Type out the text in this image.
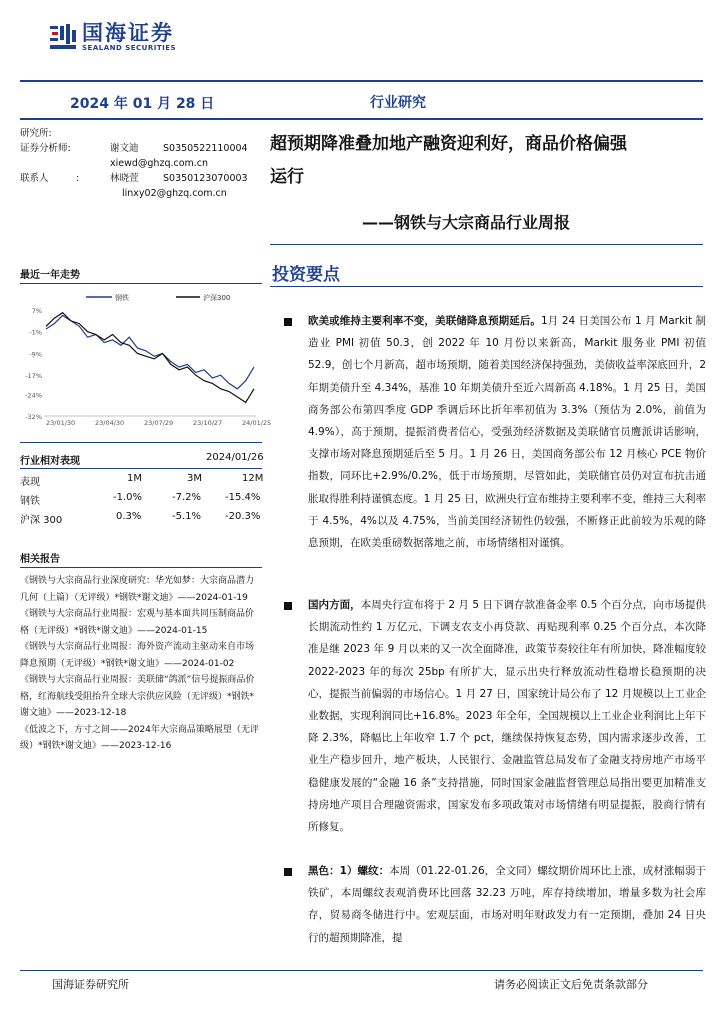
国海证券
SEALAND SECURITIES
2024 年 01 月 28 日	行业研究
研究所:
证券分析师:	谢文迪	S0350522110004
xiewd@ghzq.com.cn
联系人	:	林晓萱	S0350123070003
linxy02@ghzq.com.cn
超预期降准叠加地产融资迎利好，商品价格偏强
运行
——钢铁与大宗商品行业周报
最近一年走势
钢铁	沪深300
7%
-1%
-9%
-17%
-24%
-32%
23/01/30	23/04/30	23/07/29	23/10/27	24/01/25
行业相对表现	2024/01/26
表现	1M	3M	12M
钢铁	-1.0%	-7.2% -15.4%
沪深 300	0.3%	-5.1% -20.3%
相关报告

《钢铁与大宗商品行业深度研究：华光如梦：大宗商品潜力几何（上篇）（无评级）*钢铁*谢文迪》——2024-01-19

《钢铁与大宗商品行业周报：宏观与基本面共同压制商品价格（无评级）*钢铁*谢文迪》——2024-01-15

《钢铁与大宗商品行业周报：海外资产流动主驱动来自市场降息预期（无评级）*钢铁*谢文迪》——2024-01-02

《钢铁与大宗商品行业周报：美联储“鸽派”信号提振商品价格，红海航线受阻抬升全球大宗供应风险（无评级）*钢铁*谢文迪》——2023-12-18

《低波之下，方寸之间——2024年大宗商品策略展望（无评级）*钢铁*谢文迪》——2023-12-16

投资要点
欧美或维持主要利率不变，美联储降息预期延后。1月 24 日美国公布 1 月 Markit 制造业 PMI 初值 50.3，创 2022 年 10 月份以来新高，Markit 服务业 PMI 初值 52.9，创七个月新高，超市场预期，随着美国经济保持强劲，美债收益率深底回升，2 年期美债升至 4.34%，基准 10 年期美债升至近六周新高 4.18%。1 月 25 日，美国商务部公布第四季度 GDP 季调后环比折年率初值为 3.3%（预估为 2.0%，前值为 4.9%），高于预期，提振消费者信心，受强劲经济数据及美联储官员鹰派讲话影响，支撑市场对降息预期延后至 5 月。1 月 26 日，美国商务部公布 12 月核心 PCE 物价指数，同环比+2.9%/0.2%，低于市场预期，尽管如此，美联储官员仍对宣布抗击通胀取得胜利持谨慎态度。1 月 25 日，欧洲央行宣布维持主要利率不变，维持三大利率于 4.5%，4%以及 4.75%，当前美国经济韧性仍较强，不断修正此前较为乐观的降息预期，在欧美重磅数据落地之前，市场情绪相对谨慎。
国内方面，本周央行宣布将于 2 月 5 日下调存款准备金率 0.5 个百分点，向市场提供长期流动性约 1 万亿元，下调支农支小再贷款、再贴现利率 0.25 个百分点，本次降准是继 2023 年 9 月以来的又一次全面降准，政策节奏较往年有所加快，降准幅度较 2022-2023 年的每次 25bp 有所扩大，显示出央行释放流动性稳增长稳预期的决心，提振当前偏弱的市场信心。1 月 27 日，国家统计局公布了 12 月规模以上工业企业数据，实现利润同比+16.8%。2023 年全年，全国规模以上工业企业利润比上年下降 2.3%，降幅比上年收窄 1.7 个 pct，继续保持恢复态势，国内需求逐步改善，工业生产稳步回升，地产板块，人民银行、金融监管总局发布了金融支持房地产市场平稳健康发展的“金融 16 条”支持措施，同时国家金融监督管理总局指出要更加精准支持房地产项目合理融资需求，国家发布多项政策对市场情绪有明显提振，股商行情有所修复。
黑色：1）螺纹：本周（01.22-01.26，全文同）螺纹期价周环比上涨，成材涨幅弱于铁矿，本周螺纹表观消费环比回落 32.23 万吨，库存持续增加，增量多数为社会库存，贸易商冬储进行中。宏观层面，市场对明年财政发力有一定预期，叠加 24 日央行的超预期降准，提
国海证券研究所	请务必阅读正文后免责条款部分
